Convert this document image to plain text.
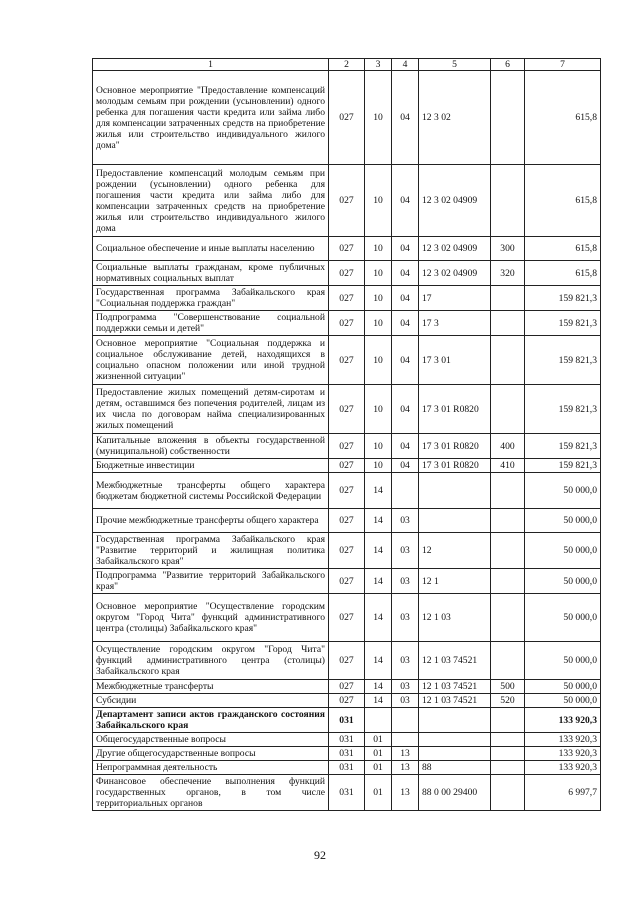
1	2	3	4	5	6	7
Основное мероприятие "Предоставление компенсаций молодым семьям при рождении (усыновлении) одного ребенка для погашения части кредита или займа либо для компенсации затраченных средств на приобретение жилья или строительство индивидуального жилого дома"	027	10	04	12 3 02		615,8
Предоставление компенсаций молодым семьям при рождении (усыновлении) одного ребенка для погашения части кредита или займа либо для компенсации затраченных средств на приобретение жилья или строительство индивидуального жилого дома	027	10	04	12 3 02 04909		615,8
Социальное обеспечение и иные выплаты населению	027	10	04	12 3 02 04909	300	615,8
Социальные выплаты гражданам, кроме публичных нормативных социальных выплат	027	10	04	12 3 02 04909	320	615,8
Государственная программа Забайкальского края "Социальная поддержка граждан"	027	10	04	17		159 821,3
Подпрограмма "Совершенствование социальной поддержки семьи и детей"	027	10	04	17 3		159 821,3
Основное мероприятие "Социальная поддержка и социальное обслуживание детей, находящихся в социально опасном положении или иной трудной жизненной ситуации"	027	10	04	17 3 01		159 821,3
Предоставление жилых помещений детям-сиротам и детям, оставшимся без попечения родителей, лицам из их числа по договорам найма специализированных жилых помещений	027	10	04	17 3 01 R0820		159 821,3
Капитальные вложения в объекты государственной (муниципальной) собственности	027	10	04	17 3 01 R0820	400	159 821,3
Бюджетные инвестиции	027	10	04	17 3 01 R0820	410	159 821,3
Межбюджетные трансферты общего характера бюджетам бюджетной системы Российской Федерации	027	14				50 000,0
Прочие межбюджетные трансферты общего характера	027	14	03			50 000,0
Государственная программа Забайкальского края "Развитие территорий и жилищная политика Забайкальского края"	027	14	03	12		50 000,0
Подпрограмма "Развитие территорий Забайкальского края"	027	14	03	12 1		50 000,0
Основное мероприятие "Осуществление городским округом "Город Чита" функций административного центра (столицы) Забайкальского края"	027	14	03	12 1 03		50 000,0
Осуществление городским округом "Город Чита" функций административного центра (столицы) Забайкальского края	027	14	03	12 1 03 74521		50 000,0
Межбюджетные трансферты	027	14	03	12 1 03 74521	500	50 000,0
Субсидии	027	14	03	12 1 03 74521	520	50 000,0
Департамент записи актов гражданского состояния Забайкальского края	031					133 920,3
Общегосударственные вопросы	031	01				133 920,3
Другие общегосударственные вопросы	031	01	13			133 920,3
Непрограммная деятельность	031	01	13	88		133 920,3
Финансовое обеспечение выполнения функций государственных органов, в том числе территориальных органов	031	01	13	88 0 00 29400		6 997,7
92
